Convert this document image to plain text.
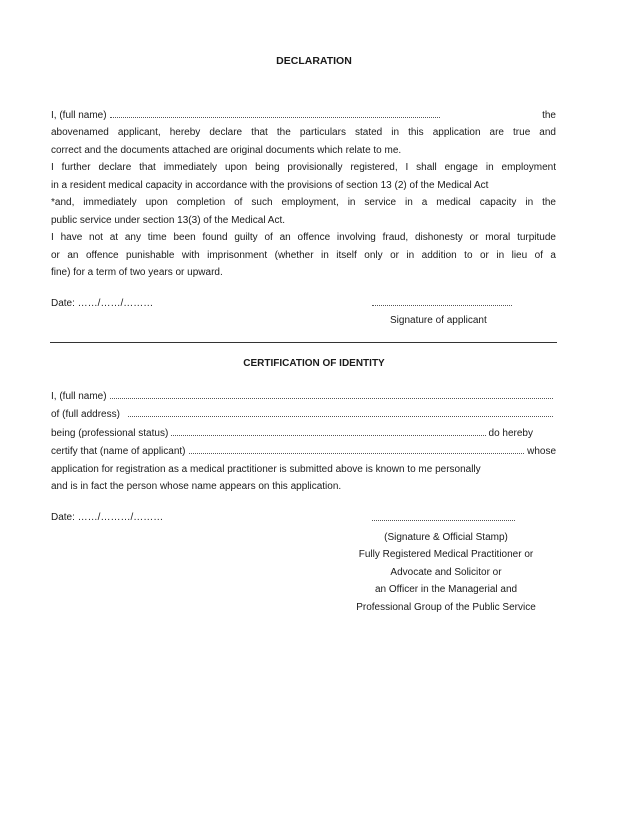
DECLARATION
I, (full name)	the
abovenamed applicant, hereby declare that the particulars stated in this application are true and
correct and the documents attached are original documents which relate to me.
I further declare that immediately upon being provisionally registered, I shall engage in employment
in a resident medical capacity in accordance with the provisions of section 13 (2) of the Medical Act
*and, immediately upon completion of such employment, in service in a medical capacity in the
public service under section 13(3) of the Medical Act.
I have not at any time been found guilty of an offence involving fraud, dishonesty or moral turpitude
or an offence punishable with imprisonment (whether in itself only or in addition to or in lieu of a
fine) for a term of two years or upward.
Date: ……/……/………
Signature of applicant
CERTIFICATION OF IDENTITY
I, (full name)
of (full address)
being (professional status)	do hereby
certify that (name of applicant)	whose
application for registration as a medical practitioner is submitted above is known to me personally
and is in fact the person whose name appears on this application.
Date: ……/………/………
(Signature & Official Stamp)
Fully Registered Medical Practitioner or
Advocate and Solicitor or
an Officer in the Managerial and
Professional Group of the Public Service
